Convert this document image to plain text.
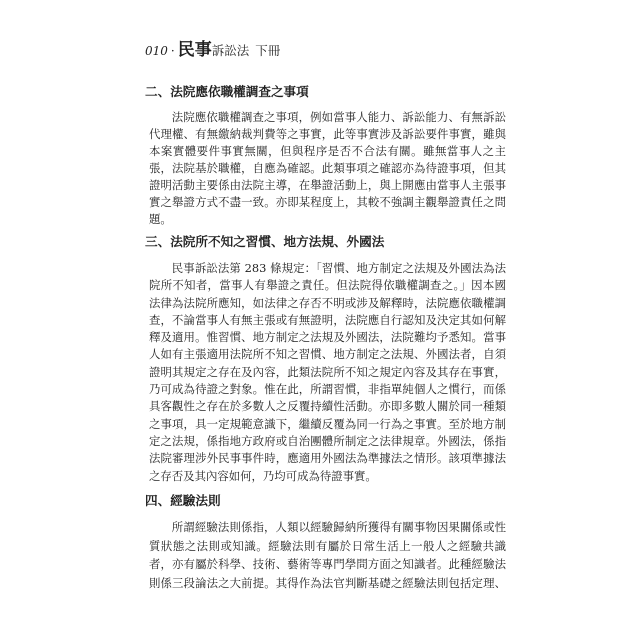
010 · 民事 訴訟法 下冊
二、法院應依職權調查之事項
法院應依職權調查之事項，例如當事人能力、訴訟能力、有無訴訟
代理權、有無繳納裁判費等之事實，此等事實涉及訴訟要件事實，雖與
本案實體要件事實無關，但與程序是否不合法有關。雖無當事人之主
張，法院基於職權，自應為確認。此類事項之確認亦為待證事項，但其
證明活動主要係由法院主導，在舉證活動上，與上開應由當事人主張事
實之舉證方式不盡一致。亦即某程度上，其較不強調主觀舉證責任之問
題。
三、法院所不知之習慣、地方法規、外國法
民事訴訟法第 283 條規定：「習慣、地方制定之法規及外國法為法
院所不知者，當事人有舉證之責任。但法院得依職權調查之。」因本國
法律為法院所應知，如法律之存否不明或涉及解釋時，法院應依職權調
查，不論當事人有無主張或有無證明，法院應自行認知及決定其如何解
釋及適用。惟習慣、地方制定之法規及外國法，法院難均予悉知。當事
人如有主張適用法院所不知之習慣、地方制定之法規、外國法者，自須
證明其規定之存在及內容，此類法院所不知之規定內容及其存在事實，
乃可成為待證之對象。惟在此，所謂習慣，非指單純個人之慣行，而係
具客觀性之存在於多數人之反覆持續性活動。亦即多數人關於同一種類
之事項，具一定規範意識下，繼續反覆為同一行為之事實。至於地方制
定之法規，係指地方政府或自治團體所制定之法律規章。外國法，係指
法院審理涉外民事事件時，應適用外國法為準據法之情形。該項準據法
之存否及其內容如何，乃均可成為待證事實。
四、經驗法則
所謂經驗法則係指，人類以經驗歸納所獲得有關事物因果關係或性
質狀態之法則或知識。經驗法則有屬於日常生活上一般人之經驗共識
者，亦有屬於科學、技術、藝術等專門學問方面之知識者。此種經驗法
則係三段論法之大前提。其得作為法官判斷基礎之經驗法則包括定理、
